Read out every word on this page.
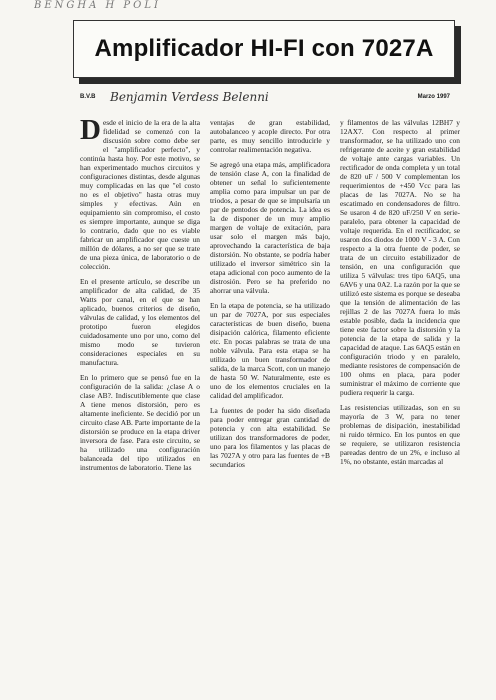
BENGHA H POLI
Amplificador HI-FI con 7027A
B.V.B Benjamin Verdess Belenni	Marzo 1997

Desde el inicio de la era de la alta fidelidad se comenzó con la discusión sobre como debe ser el "amplificador perfecto", y continúa hasta hoy. Por este motivo, se han experimentado muchos circuitos y configuraciones distintas, desde algunas muy complicadas en las que "el costo no es el objetivo" hasta otras muy simples y efectivas. Aún en equipamiento sin compromiso, el costo es siempre importante, aunque se diga lo contrario, dado que no es viable fabricar un amplificador que cueste un millón de dólares, a no ser que se trate de una pieza única, de laboratorio o de colección.

En el presente artículo, se describe un amplificador de alta calidad, de 35 Watts por canal, en el que se han aplicado, buenos criterios de diseño, válvulas de calidad, y los elementos del prototipo fueron elegidos cuidadosamente uno por uno, como del mismo modo se tuvieron consideraciones especiales en su manufactura.

En lo primero que se pensó fue en la configuración de la salida: ¿clase A o clase AB?. Indiscutiblemente que clase A tiene menos distorsión, pero es altamente ineficiente. Se decidió por un circuito clase AB. Parte importante de la distorsión se produce en la etapa driver inversora de fase. Para este circuito, se ha utilizado una configuración balanceada del tipo utilizados en instrumentos de laboratorio. Tiene las

ventajas de gran estabilidad, autobalanceo y acople directo. Por otra parte, es muy sencillo introducirle y controlar realimentación negativa.

Se agregó una etapa más, amplificadora de tensión clase A, con la finalidad de obtener un señal lo suficientemente amplia como para impulsar un par de triodos, a pesar de que se impulsaría un par de pentodos de potencia. La idea es la de disponer de un muy amplio margen de voltaje de exitación, para usar solo el margen más bajo, aprovechando la característica de baja distorsión. No obstante, se podría haber utilizado el inversor simétrico sin la etapa adicional con poco aumento de la distrosión. Pero se ha preferido no ahorrar una válvula.

En la etapa de potencia, se ha utilizado un par de 7027A, por sus especiales características de buen diseño, buena disipación calórica, filamento eficiente etc. En pocas palabras se trata de una noble válvula. Para esta etapa se ha utilizado un buen transformador de salida, de la marca Scott, con un manejo de hasta 50 W. Naturalmente, este es uno de los elementos cruciales en la calidad del amplificador.

La fuentes de poder ha sido diseñada para poder entregar gran cantidad de potencia y con alta estabilidad. Se utilizan dos transformadores de poder, uno para los filamentos y las placas de las 7027A y otro para las fuentes de +B secundarios

y filamentos de las válvulas 12BH7 y 12AX7. Con respecto al primer transformador, se ha utilizado uno con refrigerante de aceite y gran estabilidad de voltaje ante cargas variables. Un rectificador de onda completa y un total de 820 uF / 500 V complementan los requerimientos de +450 Vcc para las placas de las 7027A. No se ha escatimado en condensadores de filtro. Se usaron 4 de 820 uF/250 V en serie-paralelo, para obtener la capacidad de voltaje requerida. En el rectificador, se usaron dos diodos de 1000 V - 3 A. Con respecto a la otra fuente de poder, se trata de un circuito estabilizador de tensión, en una configuración que utiliza 5 válvulas: tres tipo 6AQ5, una 6AV6 y una 0A2. La razón por la que se utilizó este sistema es porque se deseaba que la tensión de alimentación de las rejillas 2 de las 7027A fuera lo más estable posible, dada la incidencia que tiene este factor sobre la distorsión y la potencia de la etapa de salida y la capacidad de ataque. Las 6AQ5 están en configuración triodo y en paralelo, mediante resistores de compensación de 100 ohms en placa, para poder suministrar el máximo de corriente que pudiera requerir la carga.

Las resistencias utilizadas, son en su mayoría de 3 W, para no tener problemas de disipación, inestabilidad ni ruido térmico. En los puntos en que se requiere, se utilizaron resistencia pareadas dentro de un 2%, e incluso al 1%, no obstante, están marcadas al
